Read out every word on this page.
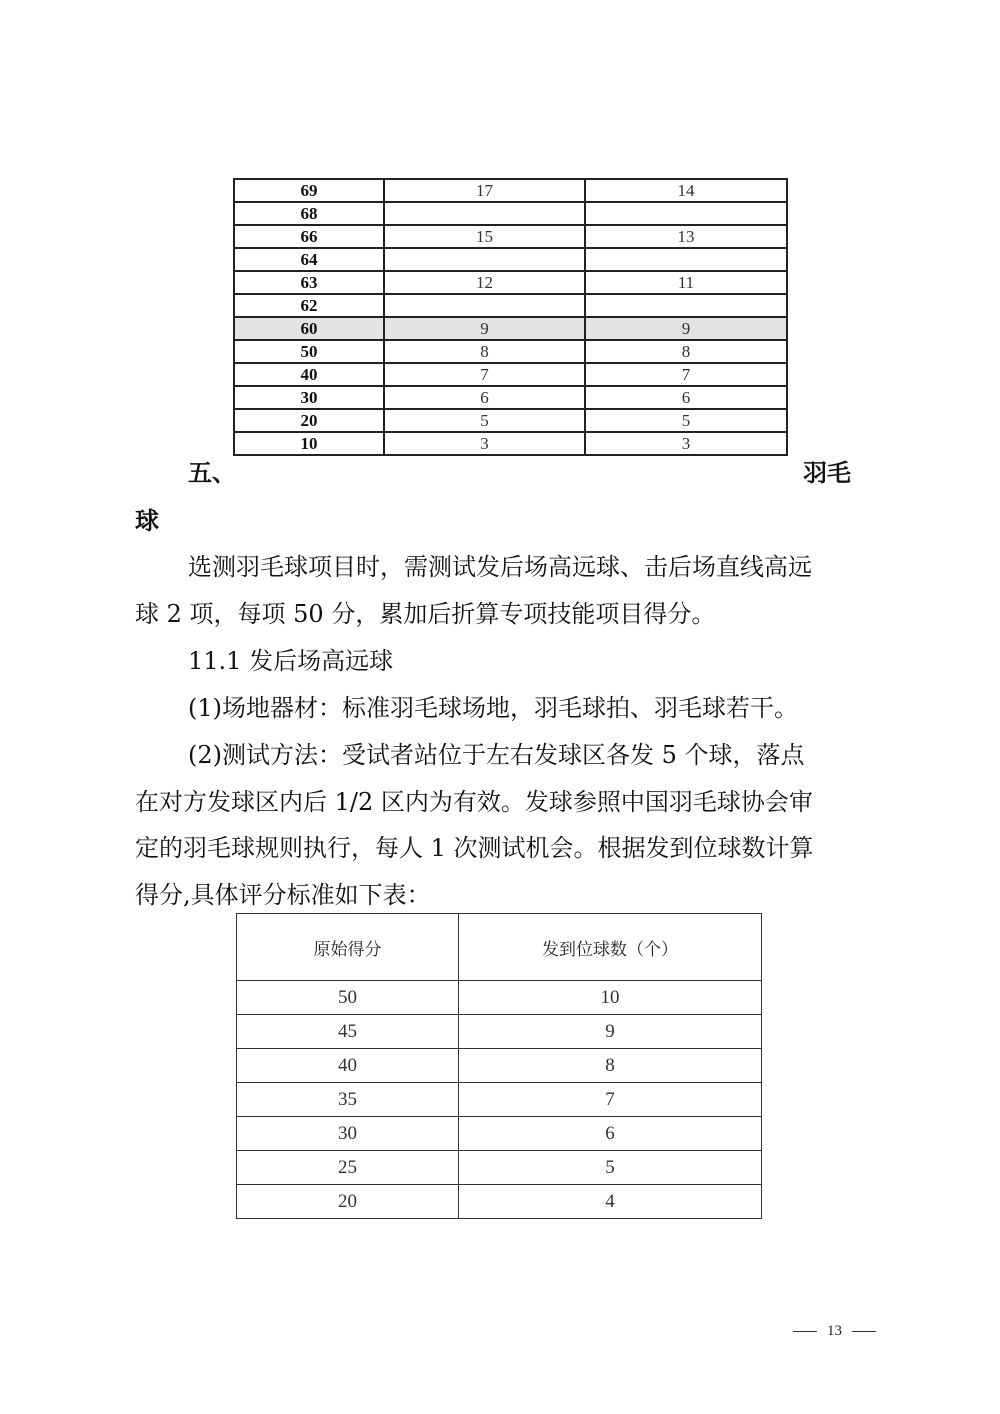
69	17	14
68		
66	15	13
64		
63	12	11
62		
60	9	9
50	8	8
40	7	7
30	6	6
20	5	5
10	3	3
五、	羽毛
球
选测羽毛球项目时，需测试发后场高远球、击后场直线高远
球 2 项，每项 50 分，累加后折算专项技能项目得分。
11.1 发后场高远球
(1)场地器材：标准羽毛球场地，羽毛球拍、羽毛球若干。
(2)测试方法：受试者站位于左右发球区各发 5 个球，落点
在对方发球区内后 1/2 区内为有效。发球参照中国羽毛球协会审
定的羽毛球规则执行，每人 1 次测试机会。根据发到位球数计算
得分,具体评分标准如下表：
原始得分	发到位球数（个）
50	10
45	9
40	8
35	7
30	6
25	5
20	4
13
